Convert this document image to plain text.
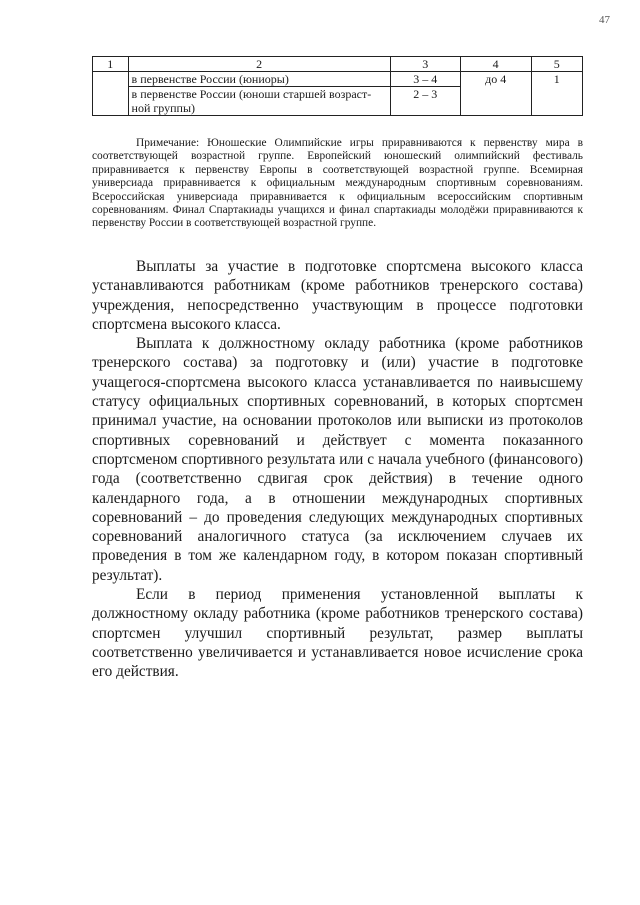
47
1	2	3	4	5
	в первенстве России (юниоры)	3 – 4	до 4	1
	в первенстве России (юноши старшей возраст-ной группы)	2 – 3		

Примечание: Юношеские Олимпийские игры приравниваются к первенству мира в соответствующей возрастной группе. Европейский юношеский олимпийский фестиваль приравнивается к первенству Европы в соответствующей возрастной группе. Всемирная универсиада приравнивается к официальным международным спортивным соревнованиям. Всероссийская универсиада приравнивается к официальным всероссийским спортивным соревнованиям. Финал Спартакиады учащихся и финал спартакиады молодёжи приравниваются к первенству России в соответствующей возрастной группе.

Выплаты за участие в подготовке спортсмена высокого класса устанавливаются работникам (кроме работников тренерского состава) учреждения, непосредственно участвующим в процессе подготовки спортсмена высокого класса.

Выплата к должностному окладу работника (кроме работников тренерского состава) за подготовку и (или) участие в подготовке учащегося-спортсмена высокого класса устанавливается по наивысшему статусу официальных спортивных соревнований, в которых спортсмен принимал участие, на основании протоколов или выписки из протоколов спортивных соревнований и действует с момента показанного спортсменом спортивного результата или с начала учебного (финансового) года (соответственно сдвигая срок действия) в течение одного календарного года, а в отношении международных спортивных соревнований – до проведения следующих международных спортивных соревнований аналогичного статуса (за исключением случаев их проведения в том же календарном году, в котором показан спортивный результат).

Если в период применения установленной выплаты к должностному окладу работника (кроме работников тренерского состава) спортсмен улучшил спортивный результат, размер выплаты соответственно увеличивается и устанавливается новое исчисление срока его действия.
